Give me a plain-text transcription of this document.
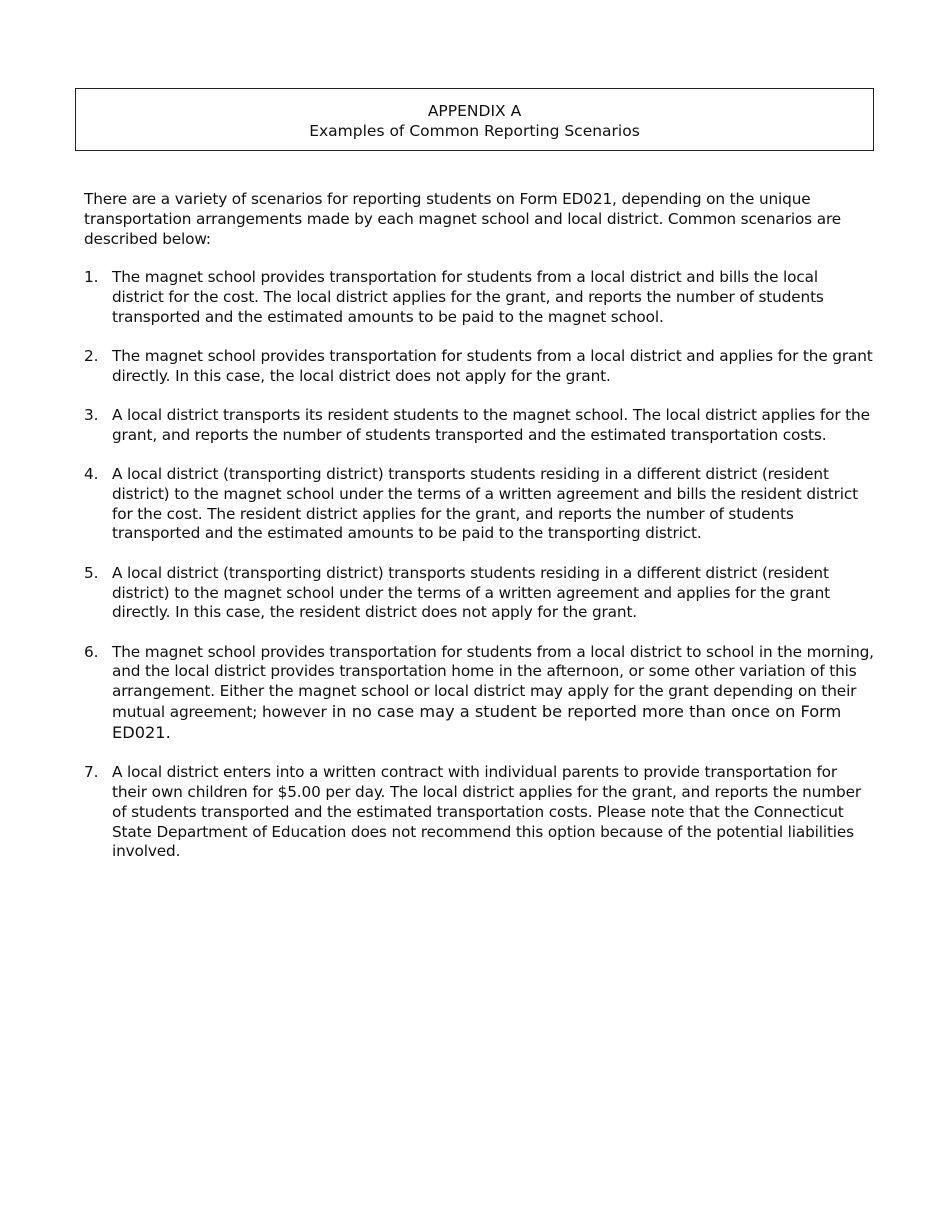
APPENDIX A
Examples of Common Reporting Scenarios
There are a variety of scenarios for reporting students on Form ED021, depending on the unique transportation arrangements made by each magnet school and local district. Common scenarios are described below:
1. The magnet school provides transportation for students from a local district and bills the local district for the cost. The local district applies for the grant, and reports the number of students transported and the estimated amounts to be paid to the magnet school.
2. The magnet school provides transportation for students from a local district and applies for the grant directly. In this case, the local district does not apply for the grant.
3. A local district transports its resident students to the magnet school. The local district applies for the grant, and reports the number of students transported and the estimated transportation costs.
4. A local district (transporting district) transports students residing in a different district (resident district) to the magnet school under the terms of a written agreement and bills the resident district for the cost. The resident district applies for the grant, and reports the number of students transported and the estimated amounts to be paid to the transporting district.
5. A local district (transporting district) transports students residing in a different district (resident district) to the magnet school under the terms of a written agreement and applies for the grant directly. In this case, the resident district does not apply for the grant.
6. The magnet school provides transportation for students from a local district to school in the morning, and the local district provides transportation home in the afternoon, or some other variation of this arrangement. Either the magnet school or local district may apply for the grant depending on their mutual agreement; however in no case may a student be reported more than once on Form ED021.
7. A local district enters into a written contract with individual parents to provide transportation for their own children for $5.00 per day. The local district applies for the grant, and reports the number of students transported and the estimated transportation costs. Please note that the Connecticut State Department of Education does not recommend this option because of the potential liabilities involved.
